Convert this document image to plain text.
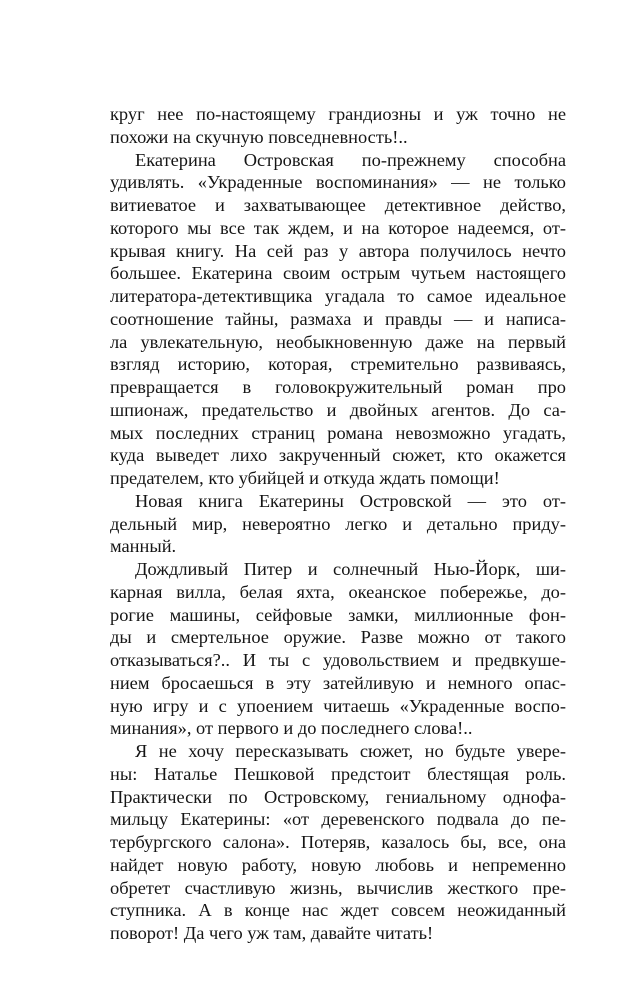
круг нее по-настоящему грандиозны и уж точно не
похожи на скучную повседневность!..
Екатерина Островская по-прежнему способна
удивлять. «Украденные воспоминания» — не только
витиеватое и захватывающее детективное действо,
которого мы все так ждем, и на которое надеемся, от-
крывая книгу. На сей раз у автора получилось нечто
большее. Екатерина своим острым чутьем настоящего
литератора-детективщика угадала то самое идеальное
соотношение тайны, размаха и правды — и написа-
ла увлекательную, необыкновенную даже на первый
взгляд историю, которая, стремительно развиваясь,
превращается в головокружительный роман про
шпионаж, предательство и двойных агентов. До са-
мых последних страниц романа невозможно угадать,
куда выведет лихо закрученный сюжет, кто окажется
предателем, кто убийцей и откуда ждать помощи!
Новая книга Екатерины Островской — это от-
дельный мир, невероятно легко и детально приду-
манный.
Дождливый Питер и солнечный Нью-Йорк, ши-
карная вилла, белая яхта, океанское побережье, до-
рогие машины, сейфовые замки, миллионные фон-
ды и смертельное оружие. Разве можно от такого
отказываться?.. И ты с удовольствием и предвкуше-
нием бросаешься в эту затейливую и немного опас-
ную игру и с упоением читаешь «Украденные воспо-
минания», от первого и до последнего слова!..
Я не хочу пересказывать сюжет, но будьте увере-
ны: Наталье Пешковой предстоит блестящая роль.
Практически по Островскому, гениальному однофа-
мильцу Екатерины: «от деревенского подвала до пе-
тербургского салона». Потеряв, казалось бы, все, она
найдет новую работу, новую любовь и непременно
обретет счастливую жизнь, вычислив жесткого пре-
ступника. А в конце нас ждет совсем неожиданный
поворот! Да чего уж там, давайте читать!
